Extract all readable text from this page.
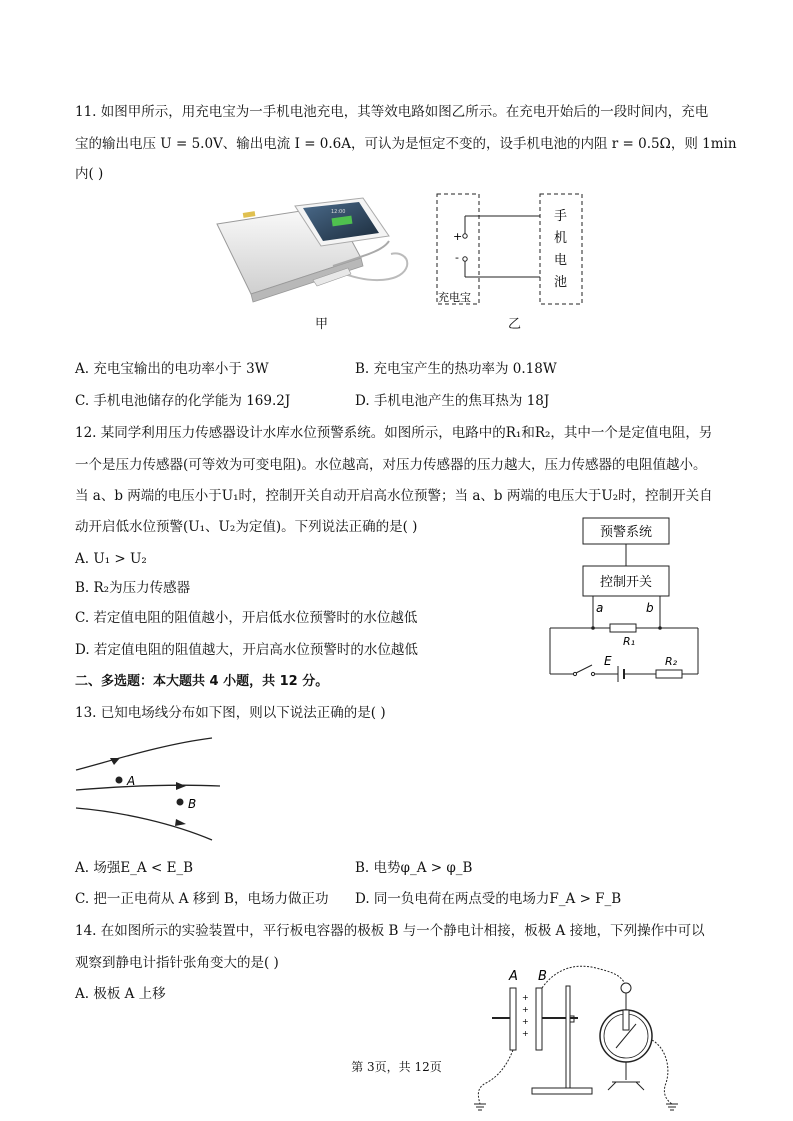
11. 如图甲所示，用充电宝为一手机电池充电，其等效电路如图乙所示。在充电开始后的一段时间内，充电
宝的输出电压 U = 5.0V、输出电流 I = 0.6A，可认为是恒定不变的，设手机电池的内阻 r = 0.5Ω，则 1min
内( )
12:00
甲
+
-
充电宝
手
机
电
池
乙
A. 充电宝输出的电功率小于 3W	B. 充电宝产生的热功率为 0.18W
C. 手机电池储存的化学能为 169.2J	D. 手机电池产生的焦耳热为 18J
12. 某同学利用压力传感器设计水库水位预警系统。如图所示，电路中的R₁和R₂，其中一个是定值电阻，另
一个是压力传感器(可等效为可变电阻)。水位越高，对压力传感器的压力越大，压力传感器的电阻值越小。
当 a、b 两端的电压小于U₁时，控制开关自动开启高水位预警；当 a、b 两端的电压大于U₂时，控制开关自
动开启低水位预警(U₁、U₂为定值)。下列说法正确的是( )	预警系统
控制开关
a	b
R₁
E	R₂
A. U₁ > U₂
B. R₂为压力传感器
C. 若定值电阻的阻值越小，开启低水位预警时的水位越低
D. 若定值电阻的阻值越大，开启高水位预警时的水位越低
二、多选题：本大题共 4 小题，共 12 分。
13. 已知电场线分布如下图，则以下说法正确的是( )
A
B
A. 场强E_A < E_B	B. 电势φ_A > φ_B
C. 把一正电荷从 A 移到 B，电场力做正功 D. 同一负电荷在两点受的电场力F_A > F_B
14. 在如图所示的实验装置中，平行板电容器的极板 B 与一个静电计相接，板极 A 接地，下列操作中可以
观察到静电计指针张角变大的是( )
A. 极板 A 上移
A B
+
+
+
+
第 3页，共 12页
